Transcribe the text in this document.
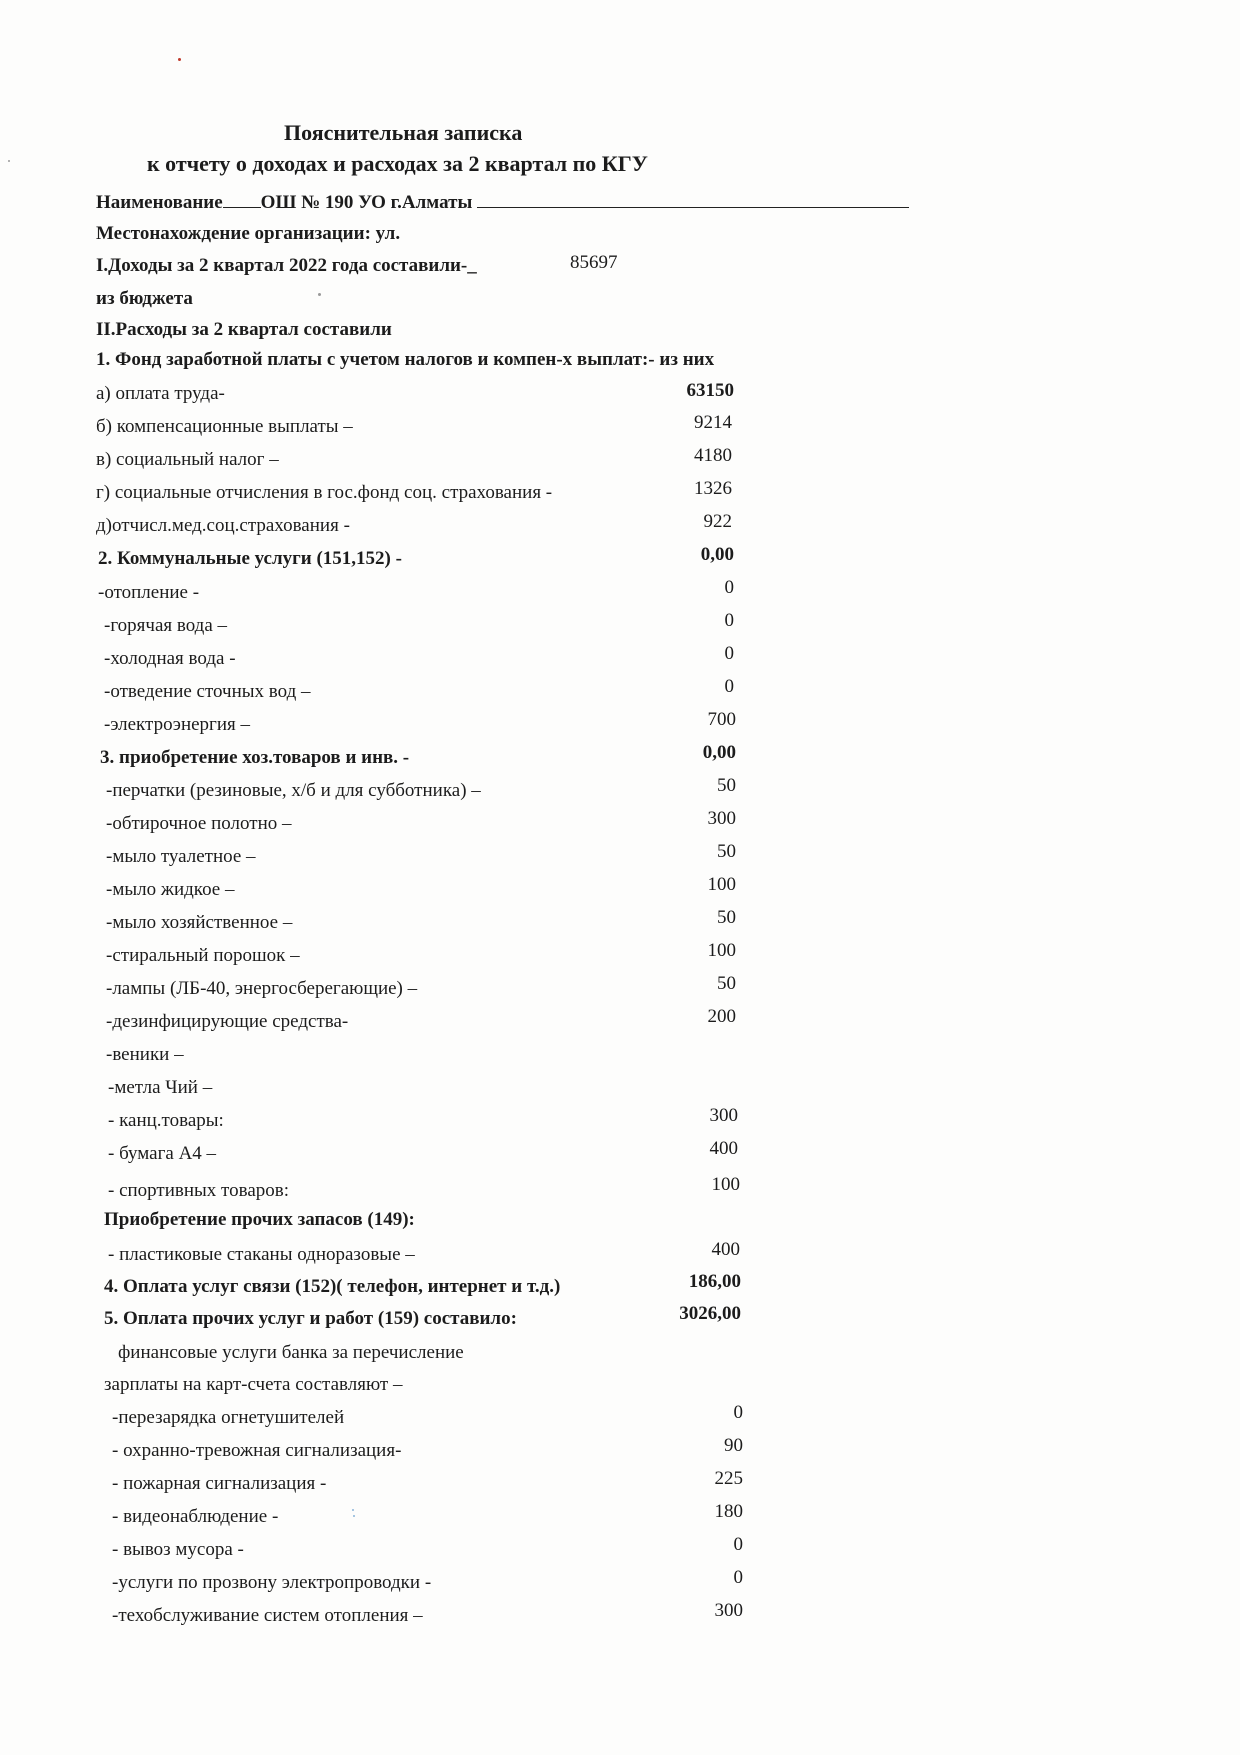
Пояснительная записка
к отчету о доходах и расходах за 2 квартал по КГУ
Наименование ОШ № 190 УО г.Алматы
Местонахождение организации: ул.
I.Доходы за 2 квартал 2022 года составили-_	85697
из бюджета
II.Расходы за 2 квартал составили
1. Фонд заработной платы с учетом налогов и компен-х выплат:- из них
а) оплата труда-	63150
б) компенсационные выплаты –	9214
в) социальный налог –	4180
г) социальные отчисления в гос.фонд соц. страхования -	1326
д)отчисл.мед.соц.страхования -	922
2. Коммунальные услуги (151,152) -	0,00
-отопление -	0
-горячая вода –	0
-холодная вода -	0
-отведение сточных вод –	0
-электроэнергия –	700
3. приобретение хоз.товаров и инв. -	0,00
-перчатки (резиновые, х/б и для субботника) –	50
-обтирочное полотно –	300
-мыло туалетное –	50
-мыло жидкое –	100
-мыло хозяйственное –	50
-стиральный порошок –	100
-лампы (ЛБ-40, энергосберегающие) –	50
-дезинфицирующие средства-	200
-веники –
-метла Чий –
- канц.товары:	300
- бумага А4 –	400
- спортивных товаров:	100
Приобретение прочих запасов (149):
- пластиковые стаканы одноразовые –	400
4. Оплата услуг связи (152)( телефон, интернет и т.д.)	186,00
5. Оплата прочих услуг и работ (159) составило:	3026,00
финансовые услуги банка за перечисление
зарплаты на карт-счета составляют –
-перезарядка огнетушителей	0
- охранно-тревожная сигнализация-	90
- пожарная сигнализация -	225
- видеонаблюдение -	180
- вывоз мусора -	0
-услуги по прозвону электропроводки -	0
-техобслуживание систем отопления –	300
